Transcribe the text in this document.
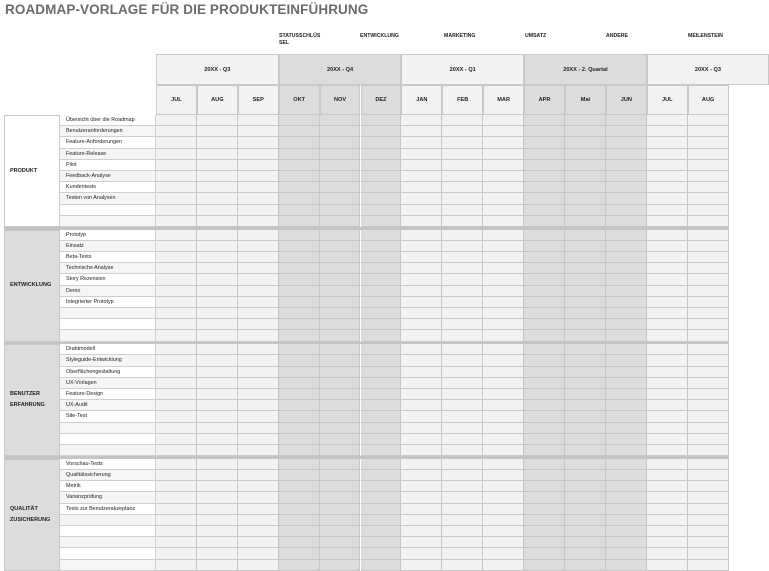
ROADMAP-VORLAGE FÜR DIE PRODUKTEINFÜHRUNG
STATUSSCHLÜS SEL
ENTWICKLUNG	MARKETING	UMSATZ	ANDERE	MEILENSTEIN
20XX - Q3
JUL	AUG	SEP
20XX - Q4
OKT	NOV	DEZ
20XX - Q1
JAN	FEB	MAR
20XX - 2. Quartal
APR	Mai	JUN
20XX - Q3
JUL	AUG
PRODUKT
Übersicht über die Roadmap
Benutzeranforderungen
Feature-Anforderungen
Feature-Release
Pilot
Feedback-Analyse
Kundentests
Testen von Analysen
ENTWICKLUNG
Prototyp
Einsatz
Beta-Tests
Technische Analyse
Story Rezension
Demo
Integrierter Prototyp
BENUTZER ERFAHRUNG
Drahtmodell
Styleguide-Entwicklung
Oberflächengestaltung
UX-Vorlagen
Feature-Design
UX-Audit
Site-Test
QUALITÄT ZUSICHERUNG
Vorschau-Tests
Qualitätssicherung
Metrik
Varianzprüfung
Tests zur Benutzerakzeptanz
